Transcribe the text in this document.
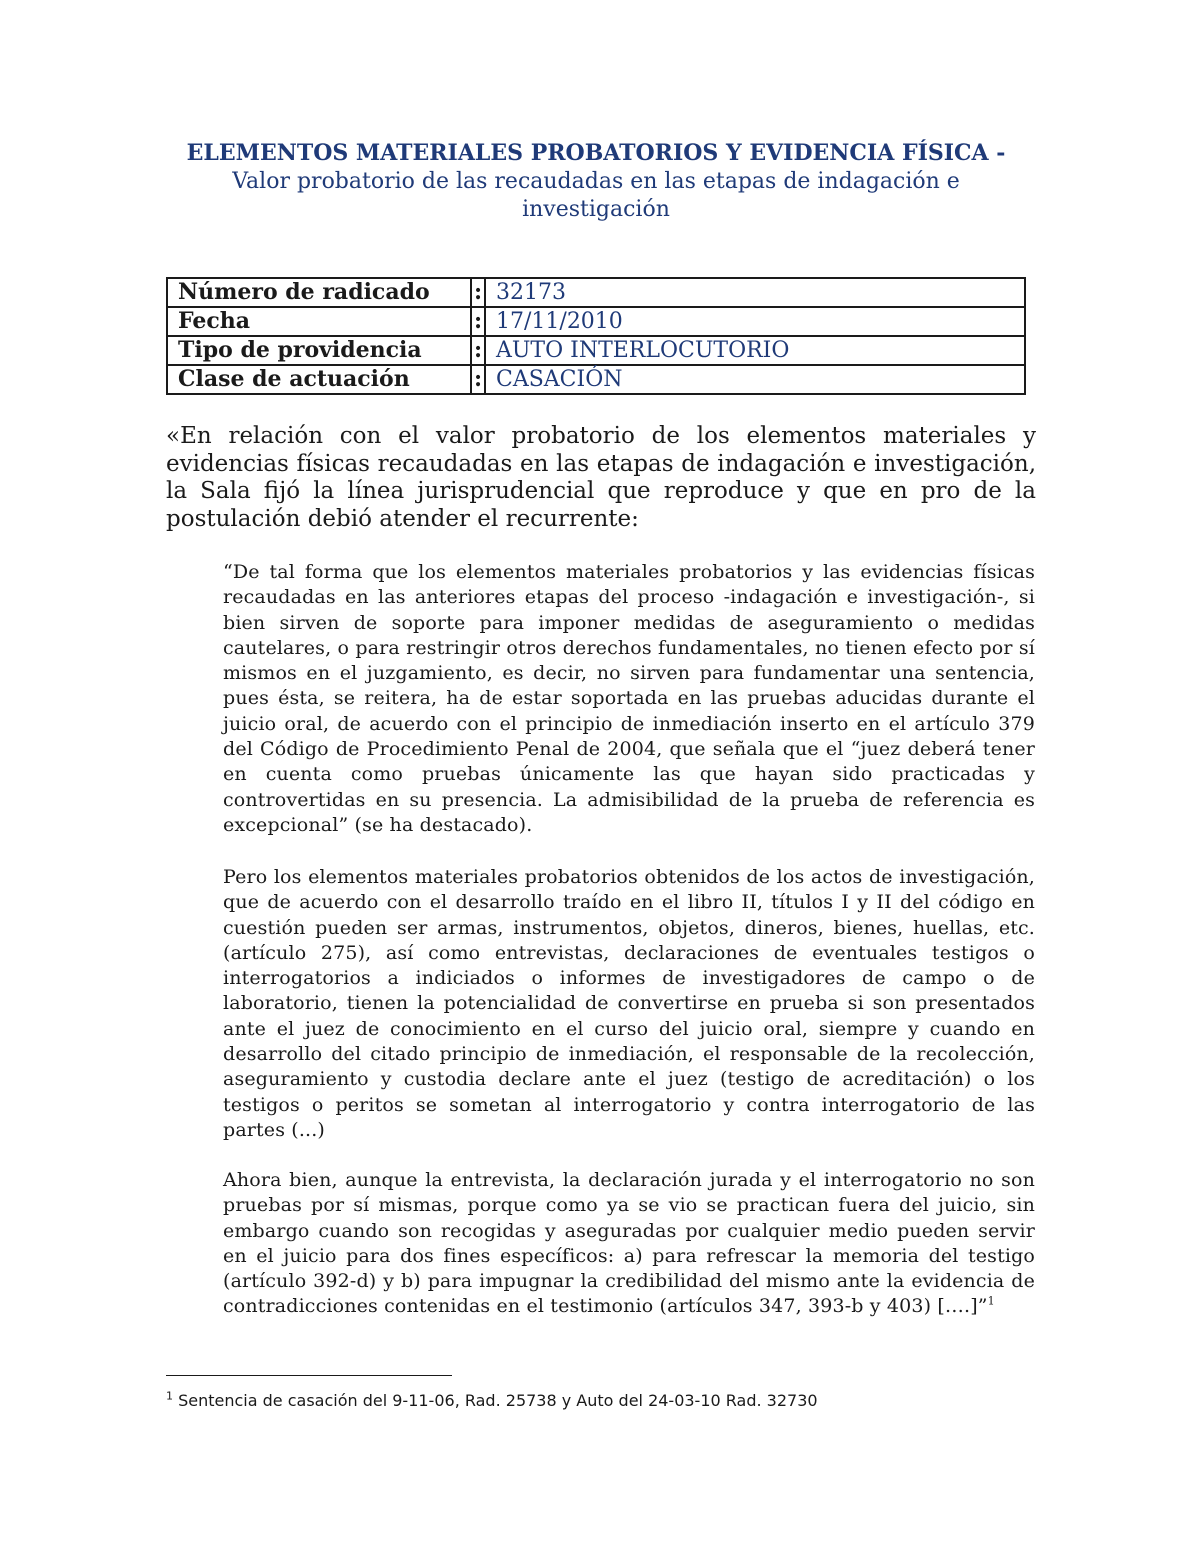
ELEMENTOS MATERIALES PROBATORIOS Y EVIDENCIA FÍSICA -
Valor probatorio de las recaudadas en las etapas de indagación e investigación
Número de radicado	:	32173
Fecha	:	17/11/2010
Tipo de providencia	:	AUTO INTERLOCUTORIO
Clase de actuación	:	CASACIÓN

«En relación con el valor probatorio de los elementos materiales y evidencias físicas recaudadas en las etapas de indagación e investigación, la Sala fijó la línea jurisprudencial que reproduce y que en pro de la postulación debió atender el recurrente:

“De tal forma que los elementos materiales probatorios y las evidencias físicas recaudadas en las anteriores etapas del proceso -indagación e investigación-, si bien sirven de soporte para imponer medidas de aseguramiento o medidas cautelares, o para restringir otros derechos fundamentales, no tienen efecto por sí mismos en el juzgamiento, es decir, no sirven para fundamentar una sentencia, pues ésta, se reitera, ha de estar soportada en las pruebas aducidas durante el juicio oral, de acuerdo con el principio de inmediación inserto en el artículo 379 del Código de Procedimiento Penal de 2004, que señala que el “juez deberá tener en cuenta como pruebas únicamente las que hayan sido practicadas y controvertidas en su presencia. La admisibilidad de la prueba de referencia es excepcional” (se ha destacado).

Pero los elementos materiales probatorios obtenidos de los actos de investigación, que de acuerdo con el desarrollo traído en el libro II, títulos I y II del código en cuestión pueden ser armas, instrumentos, objetos, dineros, bienes, huellas, etc. (artículo 275), así como entrevistas, declaraciones de eventuales testigos o interrogatorios a indiciados o informes de investigadores de campo o de laboratorio, tienen la potencialidad de convertirse en prueba si son presentados ante el juez de conocimiento en el curso del juicio oral, siempre y cuando en desarrollo del citado principio de inmediación, el responsable de la recolección, aseguramiento y custodia declare ante el juez (testigo de acreditación) o los testigos o peritos se sometan al interrogatorio y contra interrogatorio de las partes (...)

Ahora bien, aunque la entrevista, la declaración jurada y el interrogatorio no son pruebas por sí mismas, porque como ya se vio se practican fuera del juicio, sin embargo cuando son recogidas y aseguradas por cualquier medio pueden servir en el juicio para dos fines específicos: a) para refrescar la memoria del testigo (artículo 392-d) y b) para impugnar la credibilidad del mismo ante la evidencia de contradicciones contenidas en el testimonio (artículos 347, 393-b y 403) [….]”$^1$

$^1$ Sentencia de casación del 9-11-06, Rad. 25738 y Auto del 24-03-10 Rad. 32730
